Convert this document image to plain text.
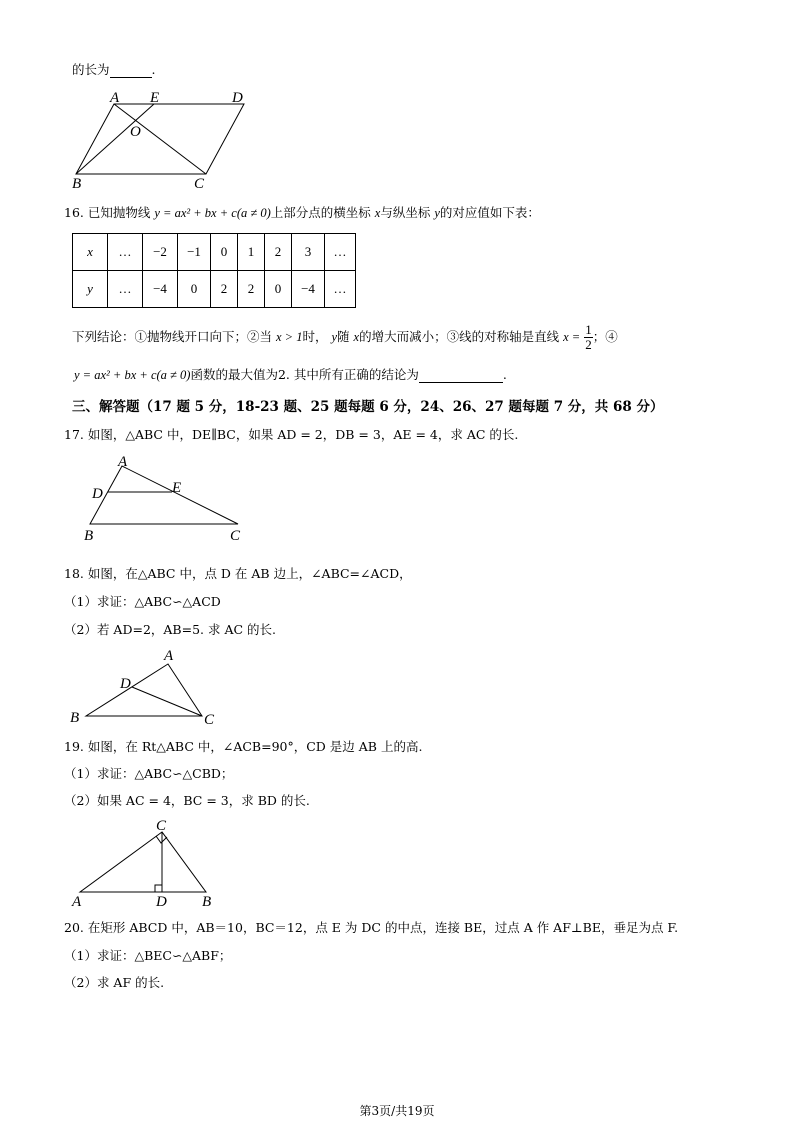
的长为	.
A E	D
O
B	C
16. 已知抛物线 y = ax² + bx + c(a ≠ 0)上部分点的横坐标 x与纵坐标 y的对应值如下表：
x	…	−2	−1	0	1	2	3	…
y	…	−4	0	2	2	0	−4	…
下列结论：①抛物线开口向下；②当 x > 1时， y随 x的增大而减小；③线的对称轴是直线 $x = \frac{1}{2}$ ；④
y = ax² + bx + c(a ≠ 0)函数的最大值为2. 其中所有正确的结论为	.
三、解答题（17 题 5 分，18-23 题、25 题每题 6 分，24、26、27 题每题 7 分，共 68 分）
17. 如图，△ABC 中，DE∥BC，如果 AD = 2，DB = 3，AE = 4，求 AC 的长.
A
D	E
B	C
18. 如图，在△ABC 中，点 D 在 AB 边上，∠ABC=∠ACD，
（1）求证：△ABC∽△ACD
（2）若 AD=2，AB=5. 求 AC 的长.
A
D
B	C
19. 如图，在 Rt△ABC 中，∠ACB=90°，CD 是边 AB 上的高.
（1）求证：△ABC∽△CBD；
（2）如果 AC = 4，BC = 3，求 BD 的长.
C
A	D B
20. 在矩形 ABCD 中，AB＝10，BC＝12，点 E 为 DC 的中点，连接 BE，过点 A 作 AF⊥BE，垂足为点 F.
（1）求证：△BEC∽△ABF；
（2）求 AF 的长.
第3页/共19页
